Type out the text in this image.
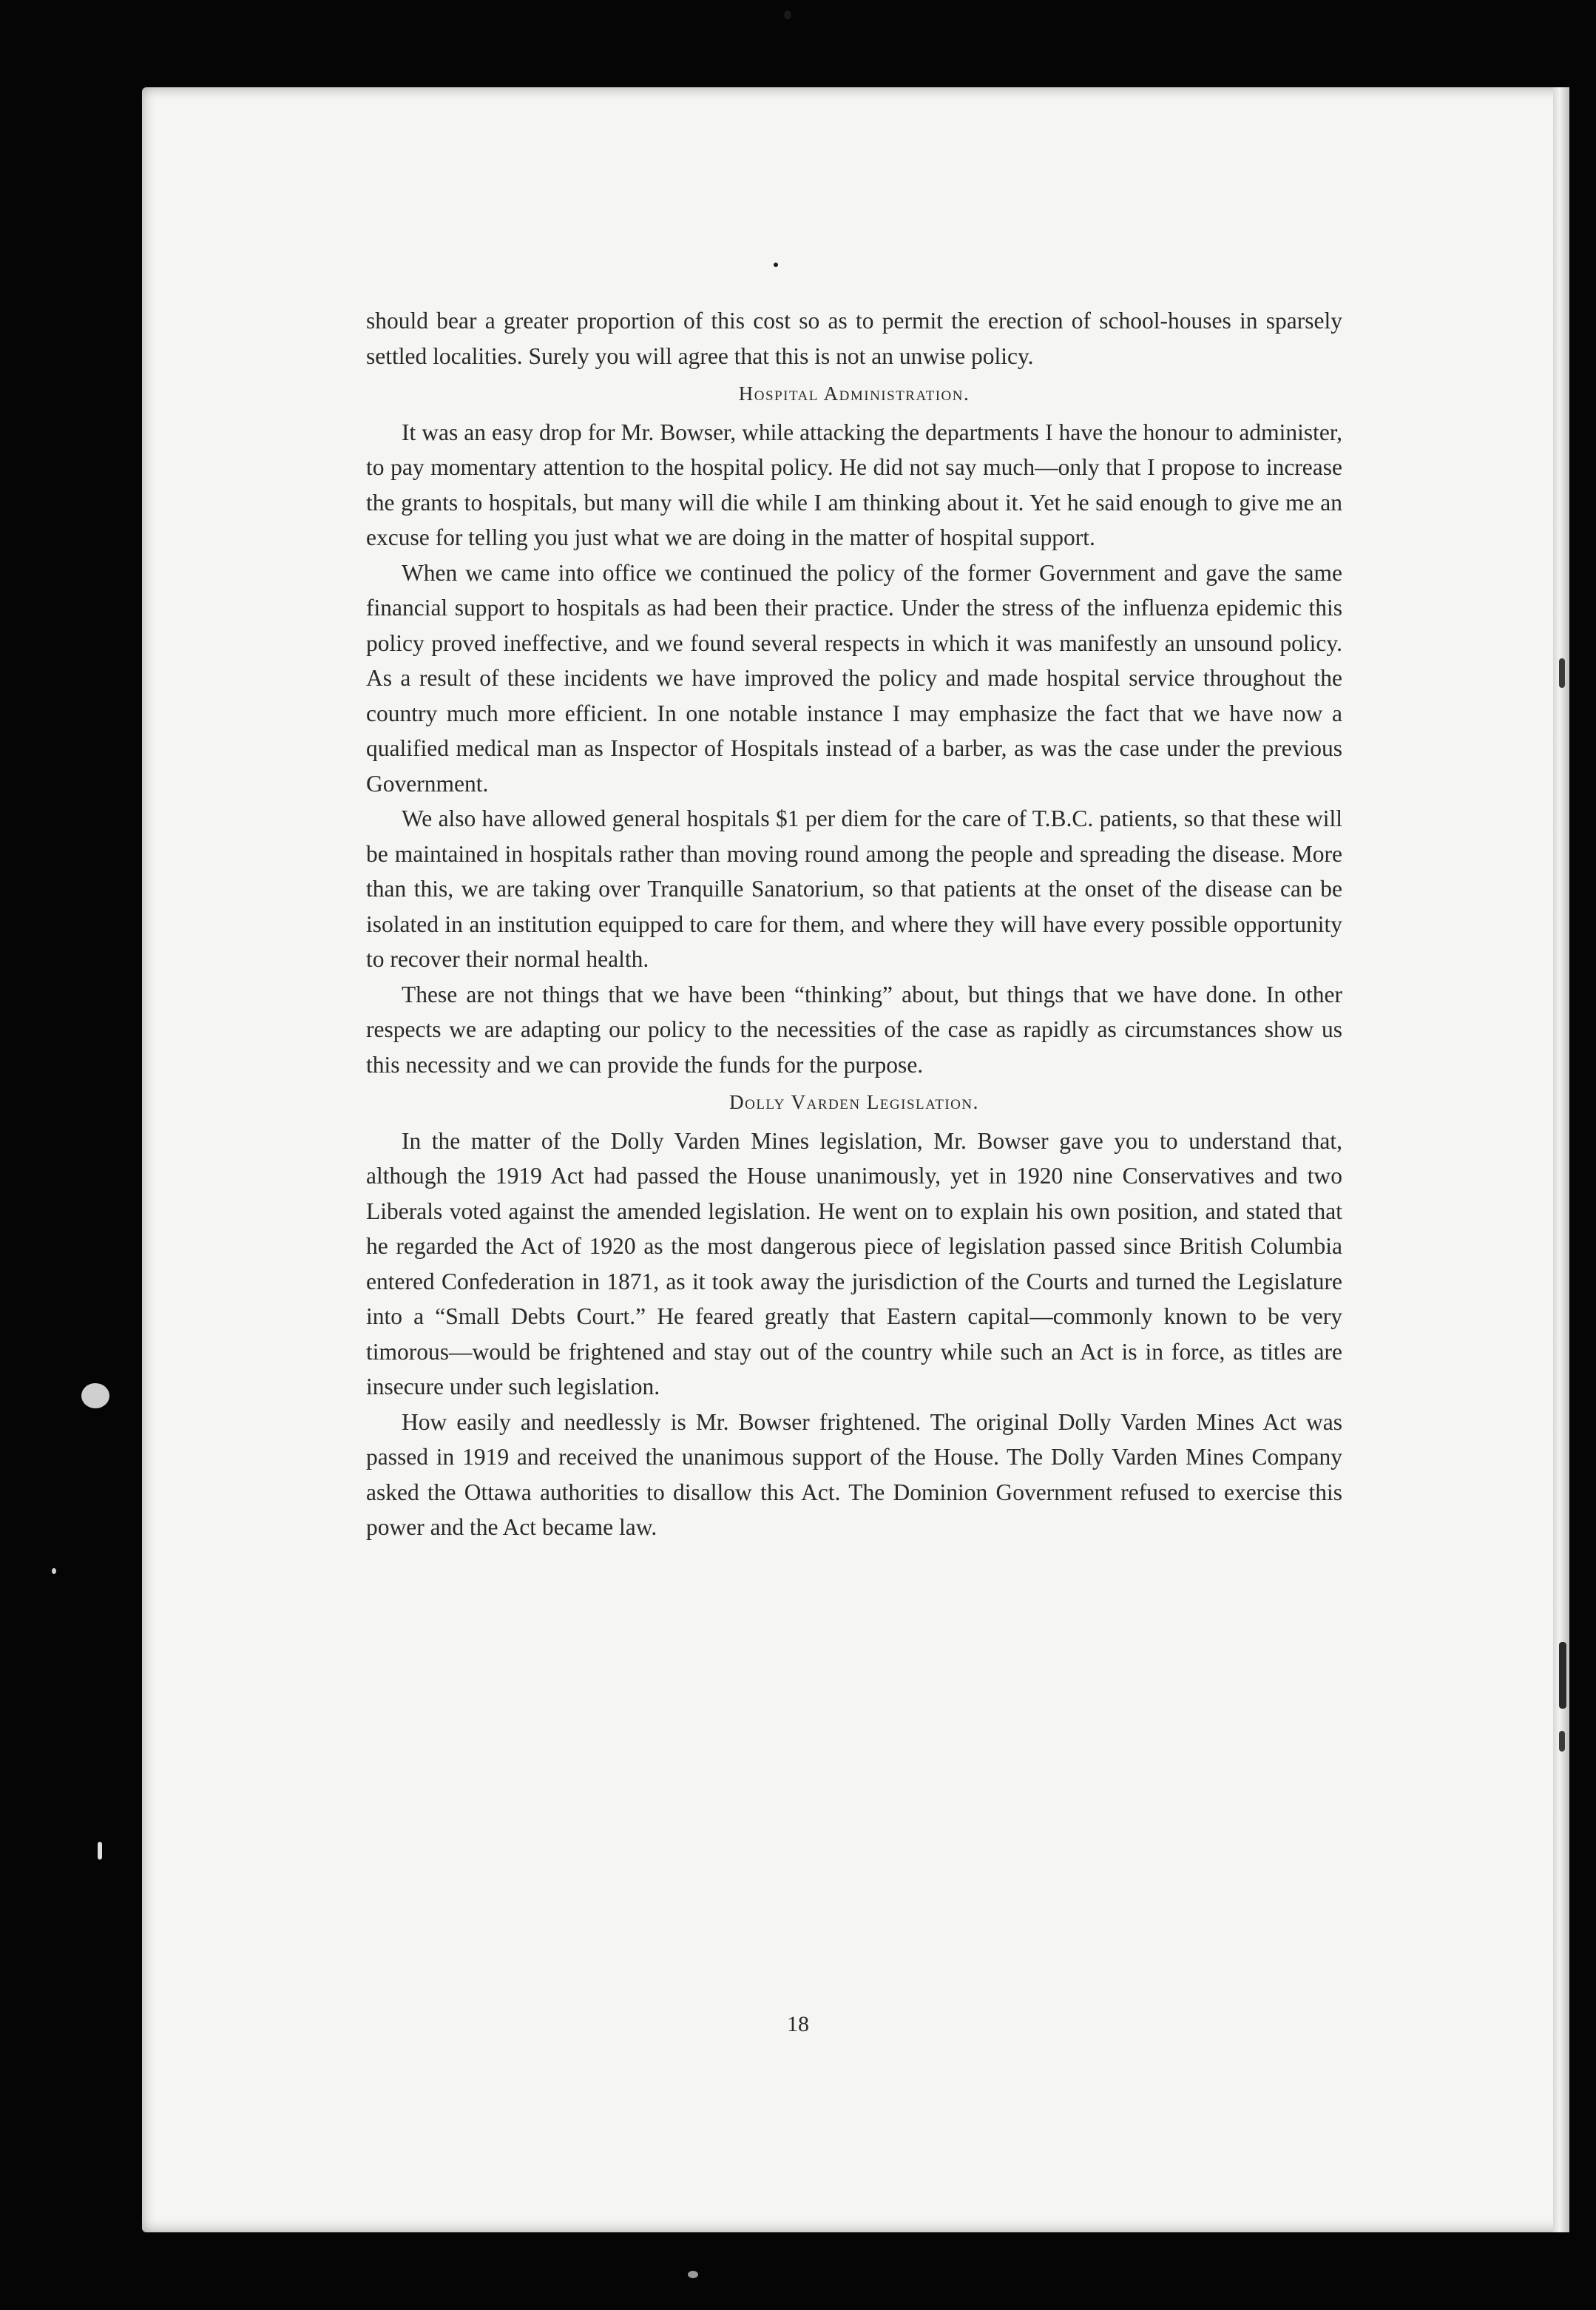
should bear a greater proportion of this cost so as to permit the erection of school-houses in sparsely settled localities. Surely you will agree that this is not an unwise policy.

Hospital Administration.

It was an easy drop for Mr. Bowser, while attacking the departments I have the honour to administer, to pay momentary attention to the hospital policy. He did not say much—only that I propose to increase the grants to hospitals, but many will die while I am thinking about it. Yet he said enough to give me an excuse for telling you just what we are doing in the matter of hospital support.

When we came into office we continued the policy of the former Government and gave the same financial support to hospitals as had been their practice. Under the stress of the influenza epidemic this policy proved ineffective, and we found several respects in which it was manifestly an unsound policy. As a result of these incidents we have improved the policy and made hospital service throughout the country much more efficient. In one notable instance I may emphasize the fact that we have now a qualified medical man as Inspector of Hospitals instead of a barber, as was the case under the previous Government.

We also have allowed general hospitals $1 per diem for the care of T.B.C. patients, so that these will be maintained in hospitals rather than moving round among the people and spreading the disease. More than this, we are taking over Tranquille Sanatorium, so that patients at the onset of the disease can be isolated in an institution equipped to care for them, and where they will have every possible opportunity to recover their normal health.

These are not things that we have been “thinking” about, but things that we have done. In other respects we are adapting our policy to the necessities of the case as rapidly as circumstances show us this necessity and we can provide the funds for the purpose.

Dolly Varden Legislation.

In the matter of the Dolly Varden Mines legislation, Mr. Bowser gave you to understand that, although the 1919 Act had passed the House unanimously, yet in 1920 nine Conservatives and two Liberals voted against the amended legislation. He went on to explain his own position, and stated that he regarded the Act of 1920 as the most dangerous piece of legislation passed since British Columbia entered Confederation in 1871, as it took away the jurisdiction of the Courts and turned the Legislature into a “Small Debts Court.” He feared greatly that Eastern capital—commonly known to be very timorous—would be frightened and stay out of the country while such an Act is in force, as titles are insecure under such legislation.

How easily and needlessly is Mr. Bowser frightened. The original Dolly Varden Mines Act was passed in 1919 and received the unanimous support of the House. The Dolly Varden Mines Company asked the Ottawa authorities to disallow this Act. The Dominion Government refused to exercise this power and the Act became law.

18
